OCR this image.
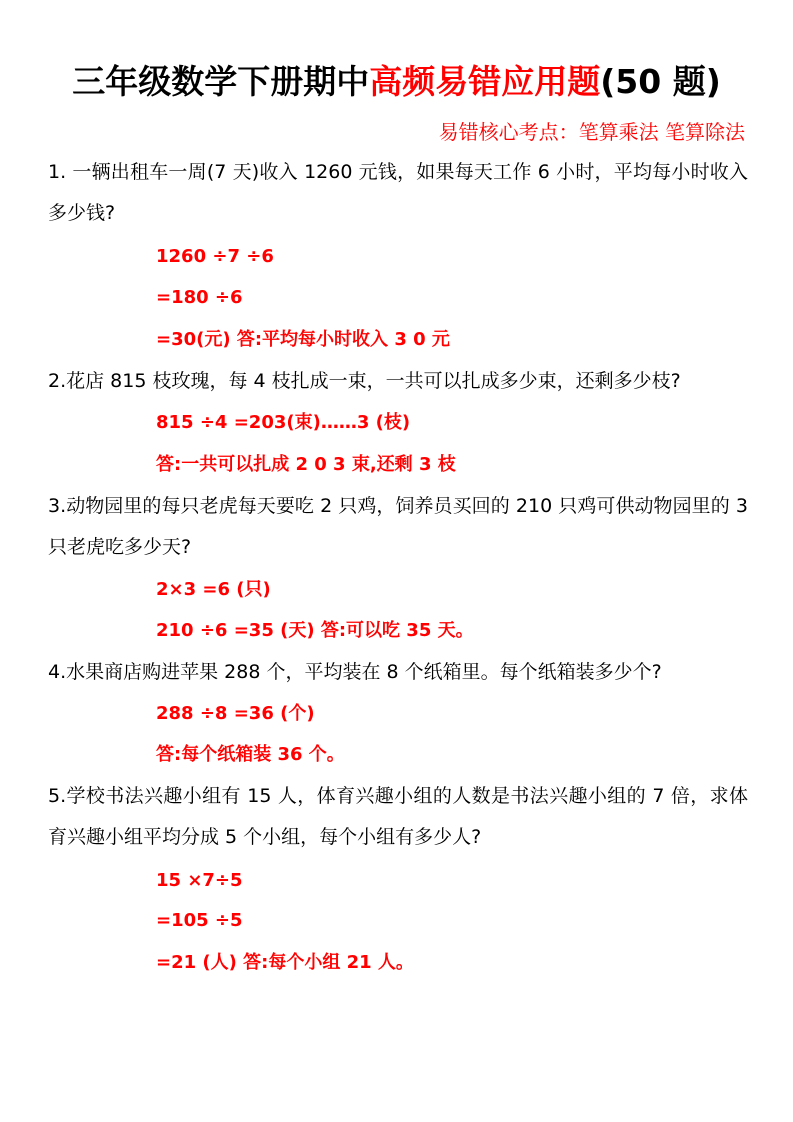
三年级数学下册期中高频易错应用题(50 题)
易错核心考点：笔算乘法 笔算除法
1. 一辆出租车一周(7 天)收入 1260 元钱，如果每天工作 6 小时，平均每小时收入多少钱?
1260 ÷7 ÷6
=180 ÷6
=30(元) 答:平均每小时收入 3 0 元
2.花店 815 枝玫瑰，每 4 枝扎成一束，一共可以扎成多少束，还剩多少枝?
815 ÷4 =203(束)……3 (枝)
答:一共可以扎成 2 0 3 束,还剩 3 枝
3.动物园里的每只老虎每天要吃 2 只鸡，饲养员买回的 210 只鸡可供动物园里的 3 只老虎吃多少天?
2×3 =6 (只)
210 ÷6 =35 (天) 答:可以吃 35 天。
4.水果商店购进苹果 288 个，平均装在 8 个纸箱里。每个纸箱装多少个?
288 ÷8 =36 (个)
答:每个纸箱装 36 个。
5.学校书法兴趣小组有 15 人，体育兴趣小组的人数是书法兴趣小组的 7 倍，求体育兴趣小组平均分成 5 个小组，每个小组有多少人?
15 ×7÷5
=105 ÷5
=21 (人) 答:每个小组 21 人。
